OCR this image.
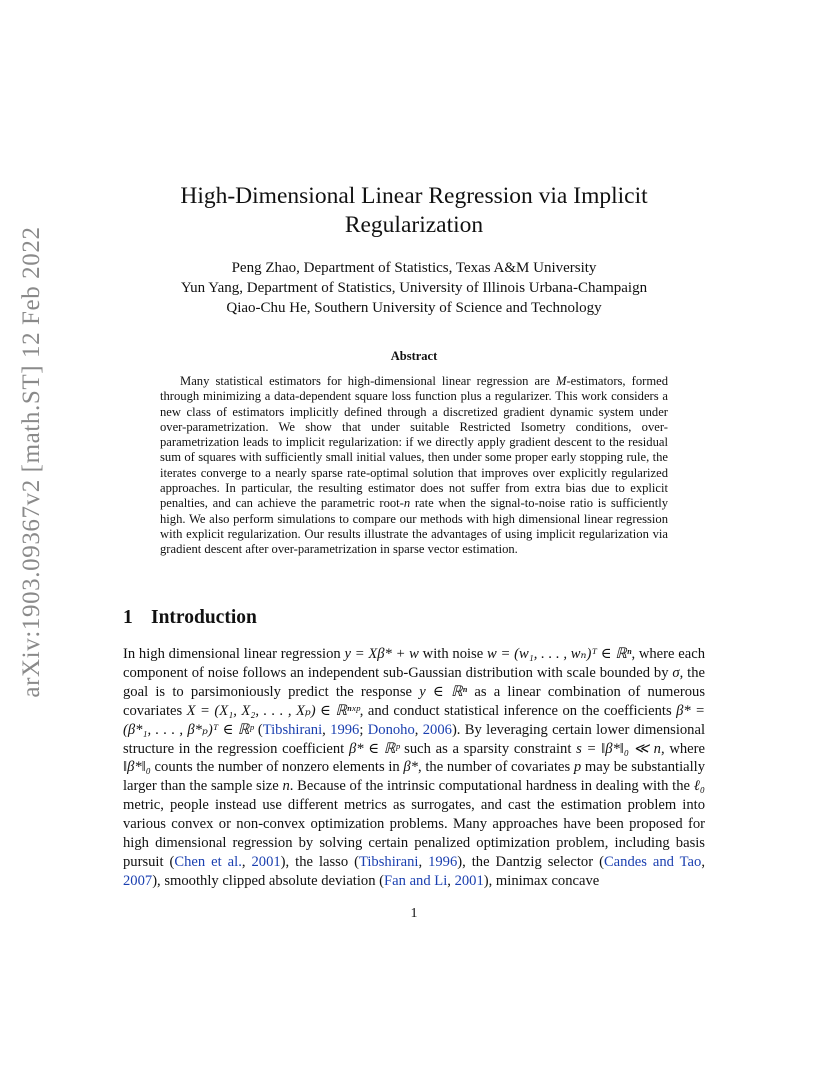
arXiv:1903.09367v2 [math.ST] 12 Feb 2022
High-Dimensional Linear Regression via Implicit
Regularization
Peng Zhao, Department of Statistics, Texas A&M University
Yun Yang, Department of Statistics, University of Illinois Urbana-Champaign
Qiao-Chu He, Southern University of Science and Technology
Abstract

Many statistical estimators for high-dimensional linear regression are M-estimators, formed through minimizing a data-dependent square loss function plus a regularizer. This work considers a new class of estimators implicitly defined through a discretized gradient dynamic system under over-parametrization. We show that under suitable Restricted Isometry conditions, over-parametrization leads to implicit regularization: if we directly apply gradient descent to the residual sum of squares with sufficiently small initial values, then under some proper early stopping rule, the iterates converge to a nearly sparse rate-optimal solution that improves over explicitly regularized approaches. In particular, the resulting estimator does not suffer from extra bias due to explicit penalties, and can achieve the parametric root-n rate when the signal-to-noise ratio is sufficiently high. We also perform simulations to compare our methods with high dimensional linear regression with explicit regularization. Our results illustrate the advantages of using implicit regularization via gradient descent after over-parametrization in sparse vector estimation.

1 Introduction

In high dimensional linear regression y = Xβ* + w with noise w = (w₁, . . . , wₙ)ᵀ ∈ ℝⁿ, where each component of noise follows an independent sub-Gaussian distribution with scale bounded by σ, the goal is to parsimoniously predict the response y ∈ ℝⁿ as a linear combination of numerous covariates X = (X₁, X₂, . . . , Xₚ) ∈ ℝⁿˣᵖ, and conduct statistical inference on the coefficients β* = (β*₁, . . . , β*ₚ)ᵀ ∈ ℝᵖ (Tibshirani, 1996; Donoho, 2006). By leveraging certain lower dimensional structure in the regression coefficient β* ∈ ℝᵖ such as a sparsity constraint s = ‖β*‖₀ ≪ n, where ‖β*‖₀ counts the number of nonzero elements in β*, the number of covariates p may be substantially larger than the sample size n. Because of the intrinsic computational hardness in dealing with the ℓ₀ metric, people instead use different metrics as surrogates, and cast the estimation problem into various convex or non-convex optimization problems. Many approaches have been proposed for high dimensional regression by solving certain penalized optimization problem, including basis pursuit (Chen et al., 2001), the lasso (Tibshirani, 1996), the Dantzig selector (Candes and Tao, 2007), smoothly clipped absolute deviation (Fan and Li, 2001), minimax concave

1
